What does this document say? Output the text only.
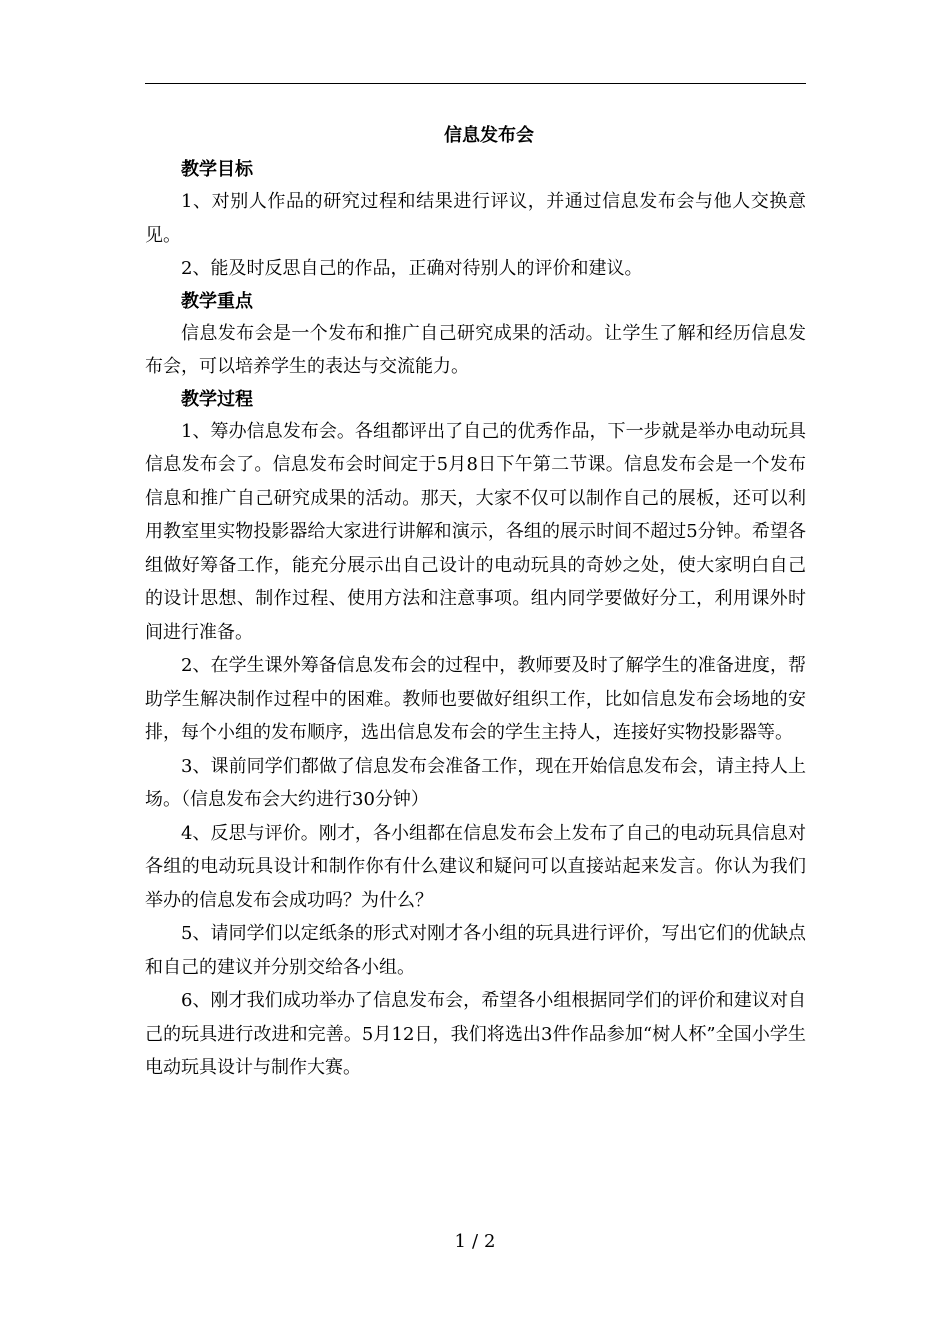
信息发布会

教学目标

1、对别人作品的研究过程和结果进行评议，并通过信息发布会与他人交换意见。

2、能及时反思自己的作品，正确对待别人的评价和建议。

教学重点

信息发布会是一个发布和推广自己研究成果的活动。让学生了解和经历信息发布会，可以培养学生的表达与交流能力。

教学过程

1、筹办信息发布会。各组都评出了自己的优秀作品，下一步就是举办电动玩具信息发布会了。信息发布会时间定于5月8日下午第二节课。信息发布会是一个发布信息和推广自己研究成果的活动。那天，大家不仅可以制作自己的展板，还可以利用教室里实物投影器给大家进行讲解和演示，各组的展示时间不超过5分钟。希望各组做好筹备工作，能充分展示出自己设计的电动玩具的奇妙之处，使大家明白自己的设计思想、制作过程、使用方法和注意事项。组内同学要做好分工，利用课外时间进行准备。

2、在学生课外筹备信息发布会的过程中，教师要及时了解学生的准备进度，帮助学生解决制作过程中的困难。教师也要做好组织工作，比如信息发布会场地的安排，每个小组的发布顺序，选出信息发布会的学生主持人，连接好实物投影器等。

3、课前同学们都做了信息发布会准备工作，现在开始信息发布会，请主持人上场。（信息发布会大约进行30分钟）

4、反思与评价。刚才，各小组都在信息发布会上发布了自己的电动玩具信息对各组的电动玩具设计和制作你有什么建议和疑问可以直接站起来发言。你认为我们举办的信息发布会成功吗？为什么？

5、请同学们以定纸条的形式对刚才各小组的玩具进行评价，写出它们的优缺点和自己的建议并分别交给各小组。

6、刚才我们成功举办了信息发布会，希望各小组根据同学们的评价和建议对自己的玩具进行改进和完善。5月12日，我们将选出3件作品参加“树人杯”全国小学生电动玩具设计与制作大赛。

1 / 2
